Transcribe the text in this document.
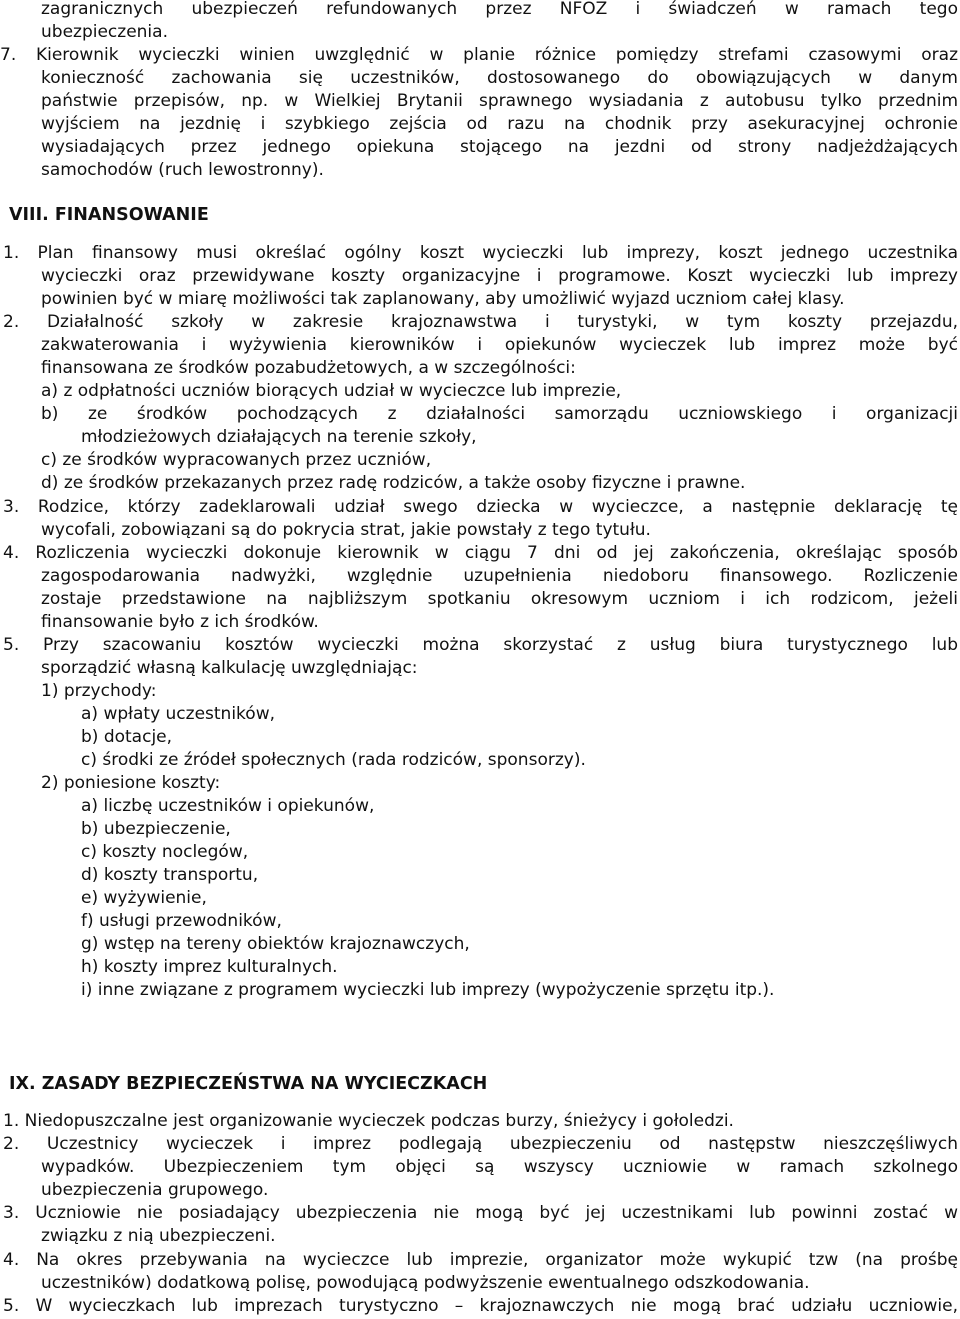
zagranicznych ubezpieczeń refundowanych przez NFOZ i świadczeń w ramach tego
ubezpieczenia.
7. Kierownik wycieczki winien uwzględnić w planie różnice pomiędzy strefami czasowymi oraz
konieczność zachowania się uczestników, dostosowanego do obowiązujących w danym
państwie przepisów, np. w Wielkiej Brytanii sprawnego wysiadania z autobusu tylko przednim
wyjściem na jezdnię i szybkiego zejścia od razu na chodnik przy asekuracyjnej ochronie
wysiadających przez jednego opiekuna stojącego na jezdni od strony nadjeżdżających
samochodów (ruch lewostronny).
VIII. FINANSOWANIE
1. Plan finansowy musi określać ogólny koszt wycieczki lub imprezy, koszt jednego uczestnika
wycieczki oraz przewidywane koszty organizacyjne i programowe. Koszt wycieczki lub imprezy
powinien być w miarę możliwości tak zaplanowany, aby umożliwić wyjazd uczniom całej klasy.
2. Działalność szkoły w zakresie krajoznawstwa i turystyki, w tym koszty przejazdu,
zakwaterowania i wyżywienia kierowników i opiekunów wycieczek lub imprez może być
finansowana ze środków pozabudżetowych, a w szczególności:
a) z odpłatności uczniów biorących udział w wycieczce lub imprezie,
b) ze środków pochodzących z działalności samorządu uczniowskiego i organizacji
młodzieżowych działających na terenie szkoły,
c) ze środków wypracowanych przez uczniów,
d) ze środków przekazanych przez radę rodziców, a także osoby fizyczne i prawne.
3. Rodzice, którzy zadeklarowali udział swego dziecka w wycieczce, a następnie deklarację tę
wycofali, zobowiązani są do pokrycia strat, jakie powstały z tego tytułu.
4. Rozliczenia wycieczki dokonuje kierownik w ciągu 7 dni od jej zakończenia, określając sposób
zagospodarowania nadwyżki, względnie uzupełnienia niedoboru finansowego. Rozliczenie
zostaje przedstawione na najbliższym spotkaniu okresowym uczniom i ich rodzicom, jeżeli
finansowanie było z ich środków.
5. Przy szacowaniu kosztów wycieczki można skorzystać z usług biura turystycznego lub
sporządzić własną kalkulację uwzględniając:
1) przychody:
a) wpłaty uczestników,
b) dotacje,
c) środki ze źródeł społecznych (rada rodziców, sponsorzy).
2) poniesione koszty:
a) liczbę uczestników i opiekunów,
b) ubezpieczenie,
c) koszty noclegów,
d) koszty transportu,
e) wyżywienie,
f) usługi przewodników,
g) wstęp na tereny obiektów krajoznawczych,
h) koszty imprez kulturalnych.
i) inne związane z programem wycieczki lub imprezy (wypożyczenie sprzętu itp.).
IX. ZASADY BEZPIECZEŃSTWA NA WYCIECZKACH
1. Niedopuszczalne jest organizowanie wycieczek podczas burzy, śnieżycy i gołoledzi.
2. Uczestnicy wycieczek i imprez podlegają ubezpieczeniu od następstw nieszczęśliwych
wypadków. Ubezpieczeniem tym objęci są wszyscy uczniowie w ramach szkolnego
ubezpieczenia grupowego.
3. Uczniowie nie posiadający ubezpieczenia nie mogą być jej uczestnikami lub powinni zostać w
związku z nią ubezpieczeni.
4. Na okres przebywania na wycieczce lub imprezie, organizator może wykupić tzw (na prośbę
uczestników) dodatkową polisę, powodującą podwyższenie ewentualnego odszkodowania.
5. W wycieczkach lub imprezach turystyczno – krajoznawczych nie mogą brać udziału uczniowie,
